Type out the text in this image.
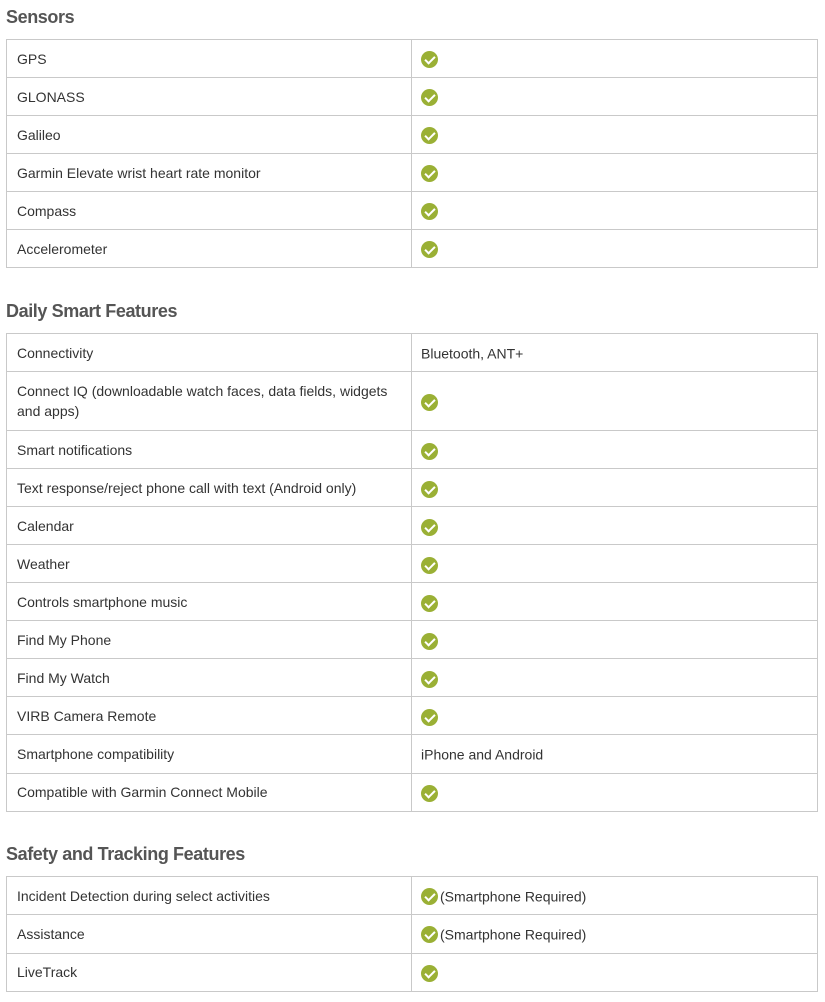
Sensors
GPS	
GLONASS	
Galileo	
Garmin Elevate wrist heart rate monitor	
Compass	
Accelerometer	
Daily Smart Features
Connectivity	Bluetooth, ANT+
Connect IQ (downloadable watch faces, data fields, widgets and apps)	
Smart notifications	
Text response/reject phone call with text (Android only)	
Calendar	
Weather	
Controls smartphone music	
Find My Phone	
Find My Watch	
VIRB Camera Remote	
Smartphone compatibility	iPhone and Android
Compatible with Garmin Connect Mobile	
Safety and Tracking Features
Incident Detection during select activities	(Smartphone Required)
Assistance	(Smartphone Required)
LiveTrack	
